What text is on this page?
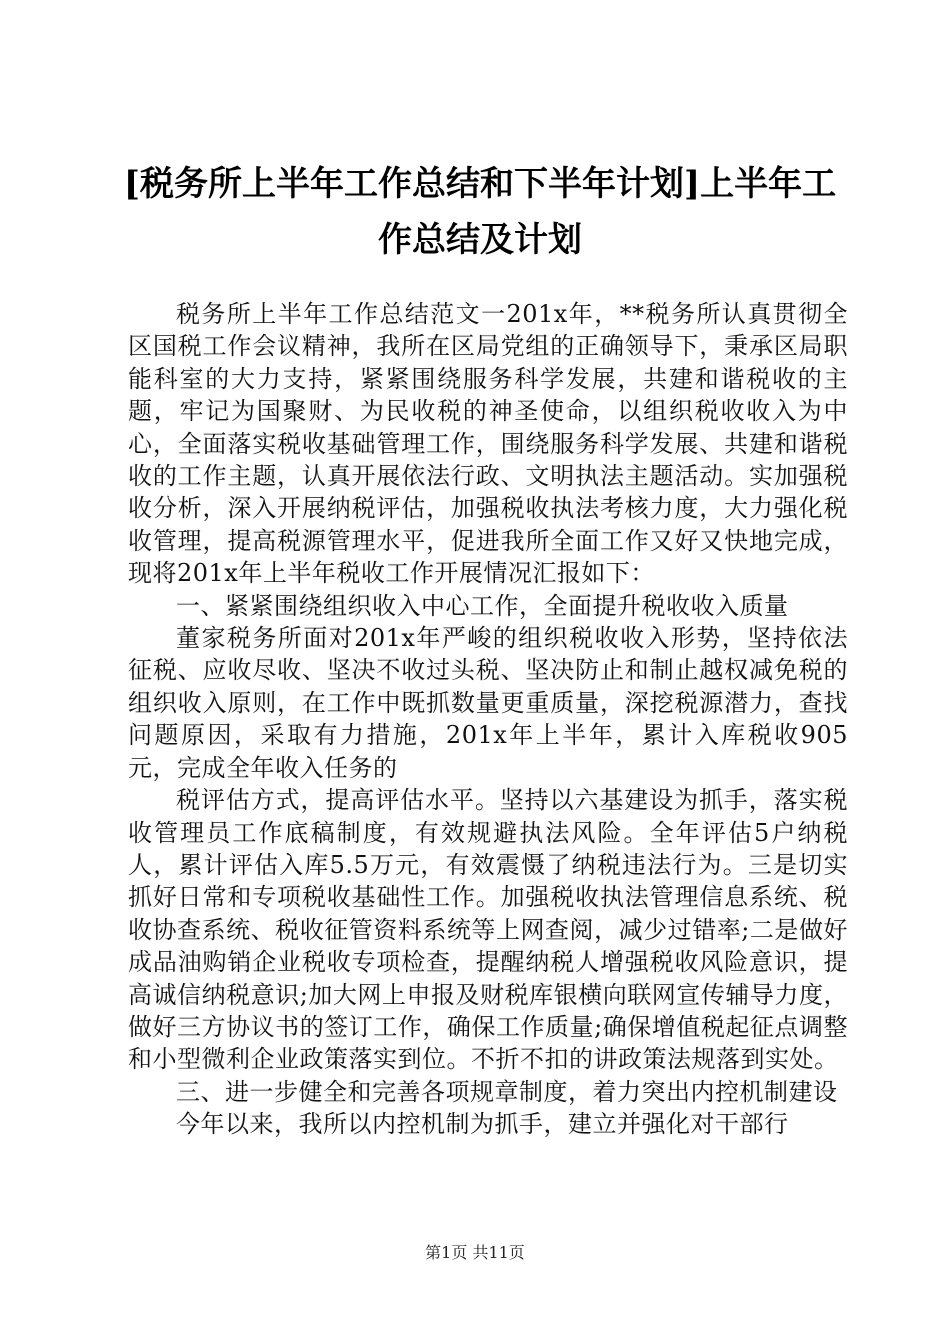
[税务所上半年工作总结和下半年计划]上半年工作总结及计划

税务所上半年工作总结范文一201x年，**税务所认真贯彻全区国税工作会议精神，我所在区局党组的正确领导下，秉承区局职能科室的大力支持，紧紧围绕服务科学发展，共建和谐税收的主题，牢记为国聚财、为民收税的神圣使命，以组织税收收入为中心，全面落实税收基础管理工作，围绕服务科学发展、共建和谐税收的工作主题，认真开展依法行政、文明执法主题活动。实加强税收分析，深入开展纳税评估，加强税收执法考核力度，大力强化税收管理，提高税源管理水平，促进我所全面工作又好又快地完成，现将201x年上半年税收工作开展情况汇报如下：

一、紧紧围绕组织收入中心工作，全面提升税收收入质量

董家税务所面对201x年严峻的组织税收收入形势，坚持依法征税、应收尽收、坚决不收过头税、坚决防止和制止越权减免税的组织收入原则，在工作中既抓数量更重质量，深挖税源潜力，查找问题原因，采取有力措施，201x年上半年，累计入库税收905元，完成全年收入任务的

税评估方式，提高评估水平。坚持以六基建设为抓手，落实税收管理员工作底稿制度，有效规避执法风险。全年评估5户纳税人，累计评估入库5.5万元，有效震慑了纳税违法行为。三是切实抓好日常和专项税收基础性工作。加强税收执法管理信息系统、税收协查系统、税收征管资料系统等上网查阅，减少过错率;二是做好成品油购销企业税收专项检查，提醒纳税人增强税收风险意识，提高诚信纳税意识;加大网上申报及财税库银横向联网宣传辅导力度，做好三方协议书的签订工作，确保工作质量;确保增值税起征点调整和小型微利企业政策落实到位。不折不扣的讲政策法规落到实处。

三、进一步健全和完善各项规章制度，着力突出内控机制建设

今年以来，我所以内控机制为抓手，建立并强化对干部行

第1页 共11页
